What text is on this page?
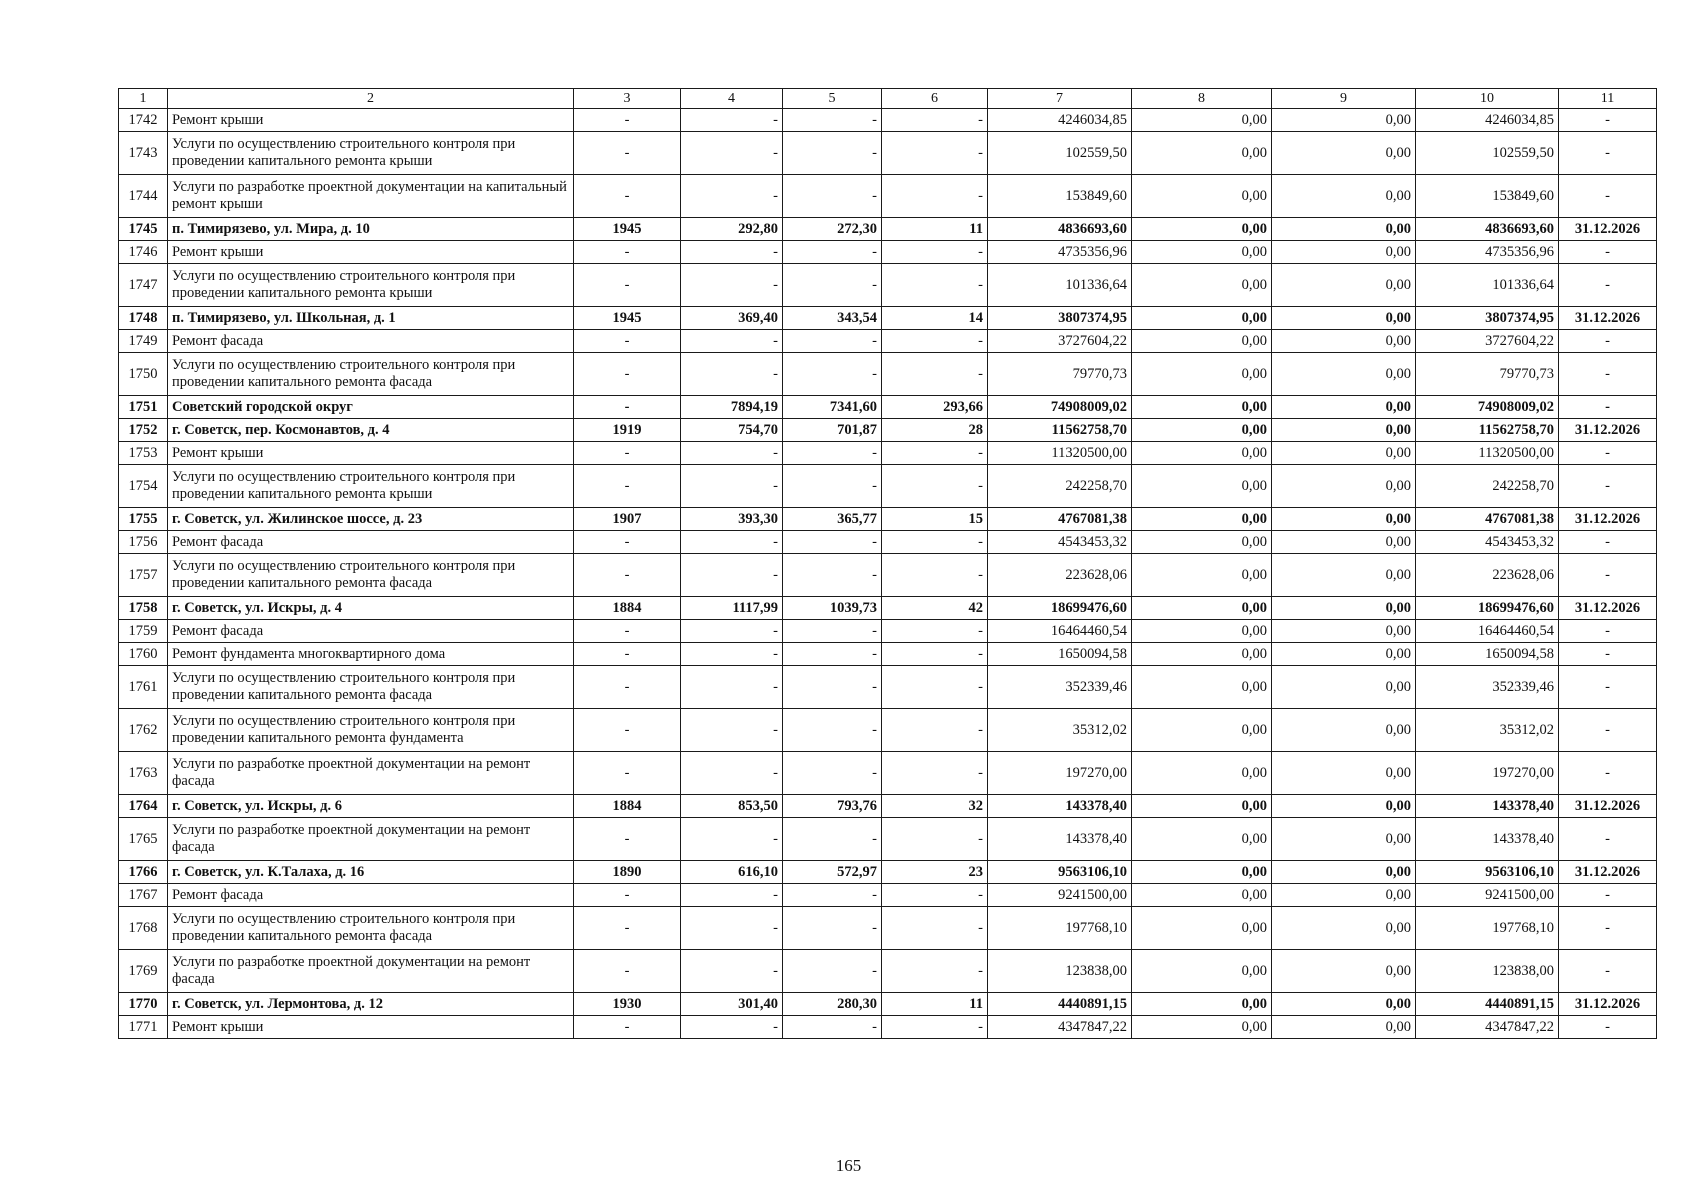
1	2	3	4	5	6	7	8	9	10	11
1742	Ремонт крыши	-	-	-	-	4246034,85	0,00	0,00	4246034,85	-
1743	Услуги по осуществлению строительного контроля при проведении капитального ремонта крыши	-	-	-	-	102559,50	0,00	0,00	102559,50	-
1744	Услуги по разработке проектной документации на капитальный ремонт крыши	-	-	-	-	153849,60	0,00	0,00	153849,60	-
1745	п. Тимирязево, ул. Мира, д. 10	1945	292,80	272,30	11	4836693,60	0,00	0,00	4836693,60	31.12.2026
1746	Ремонт крыши	-	-	-	-	4735356,96	0,00	0,00	4735356,96	-
1747	Услуги по осуществлению строительного контроля при проведении капитального ремонта крыши	-	-	-	-	101336,64	0,00	0,00	101336,64	-
1748	п. Тимирязево, ул. Школьная, д. 1	1945	369,40	343,54	14	3807374,95	0,00	0,00	3807374,95	31.12.2026
1749	Ремонт фасада	-	-	-	-	3727604,22	0,00	0,00	3727604,22	-
1750	Услуги по осуществлению строительного контроля при проведении капитального ремонта фасада	-	-	-	-	79770,73	0,00	0,00	79770,73	-
1751	Советский городской округ	-	7894,19	7341,60	293,66	74908009,02	0,00	0,00	74908009,02	-
1752	г. Советск, пер. Космонавтов, д. 4	1919	754,70	701,87	28	11562758,70	0,00	0,00	11562758,70	31.12.2026
1753	Ремонт крыши	-	-	-	-	11320500,00	0,00	0,00	11320500,00	-
1754	Услуги по осуществлению строительного контроля при проведении капитального ремонта крыши	-	-	-	-	242258,70	0,00	0,00	242258,70	-
1755	г. Советск, ул. Жилинское шоссе, д. 23	1907	393,30	365,77	15	4767081,38	0,00	0,00	4767081,38	31.12.2026
1756	Ремонт фасада	-	-	-	-	4543453,32	0,00	0,00	4543453,32	-
1757	Услуги по осуществлению строительного контроля при проведении капитального ремонта фасада	-	-	-	-	223628,06	0,00	0,00	223628,06	-
1758	г. Советск, ул. Искры, д. 4	1884	1117,99	1039,73	42	18699476,60	0,00	0,00	18699476,60	31.12.2026
1759	Ремонт фасада	-	-	-	-	16464460,54	0,00	0,00	16464460,54	-
1760	Ремонт фундамента многоквартирного дома	-	-	-	-	1650094,58	0,00	0,00	1650094,58	-
1761	Услуги по осуществлению строительного контроля при проведении капитального ремонта фасада	-	-	-	-	352339,46	0,00	0,00	352339,46	-
1762	Услуги по осуществлению строительного контроля при проведении капитального ремонта фундамента	-	-	-	-	35312,02	0,00	0,00	35312,02	-
1763	Услуги по разработке проектной документации на ремонт фасада	-	-	-	-	197270,00	0,00	0,00	197270,00	-
1764	г. Советск, ул. Искры, д. 6	1884	853,50	793,76	32	143378,40	0,00	0,00	143378,40	31.12.2026
1765	Услуги по разработке проектной документации на ремонт фасада	-	-	-	-	143378,40	0,00	0,00	143378,40	-
1766	г. Советск, ул. К.Талаха, д. 16	1890	616,10	572,97	23	9563106,10	0,00	0,00	9563106,10	31.12.2026
1767	Ремонт фасада	-	-	-	-	9241500,00	0,00	0,00	9241500,00	-
1768	Услуги по осуществлению строительного контроля при проведении капитального ремонта фасада	-	-	-	-	197768,10	0,00	0,00	197768,10	-
1769	Услуги по разработке проектной документации на ремонт фасада	-	-	-	-	123838,00	0,00	0,00	123838,00	-
1770	г. Советск, ул. Лермонтова, д. 12	1930	301,40	280,30	11	4440891,15	0,00	0,00	4440891,15	31.12.2026
1771	Ремонт крыши	-	-	-	-	4347847,22	0,00	0,00	4347847,22	-
165
